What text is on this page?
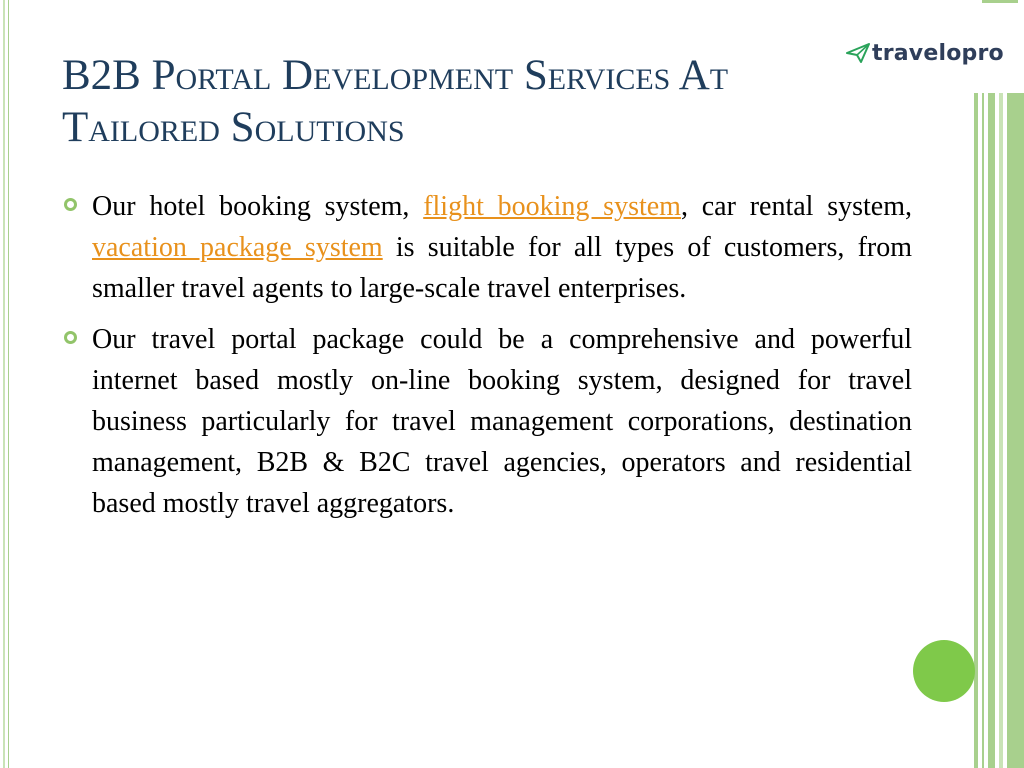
travelopro
B2B Portal Development Services At Tailored Solutions

Our hotel booking system, flight booking system, car rental system, vacation package system is suitable for all types of customers, from smaller travel agents to large-scale travel enterprises.

Our travel portal package could be a comprehensive and powerful internet based mostly on-line booking system, designed for travel business particularly for travel management corporations, destination management, B2B & B2C travel agencies, operators and residential based mostly travel aggregators.
